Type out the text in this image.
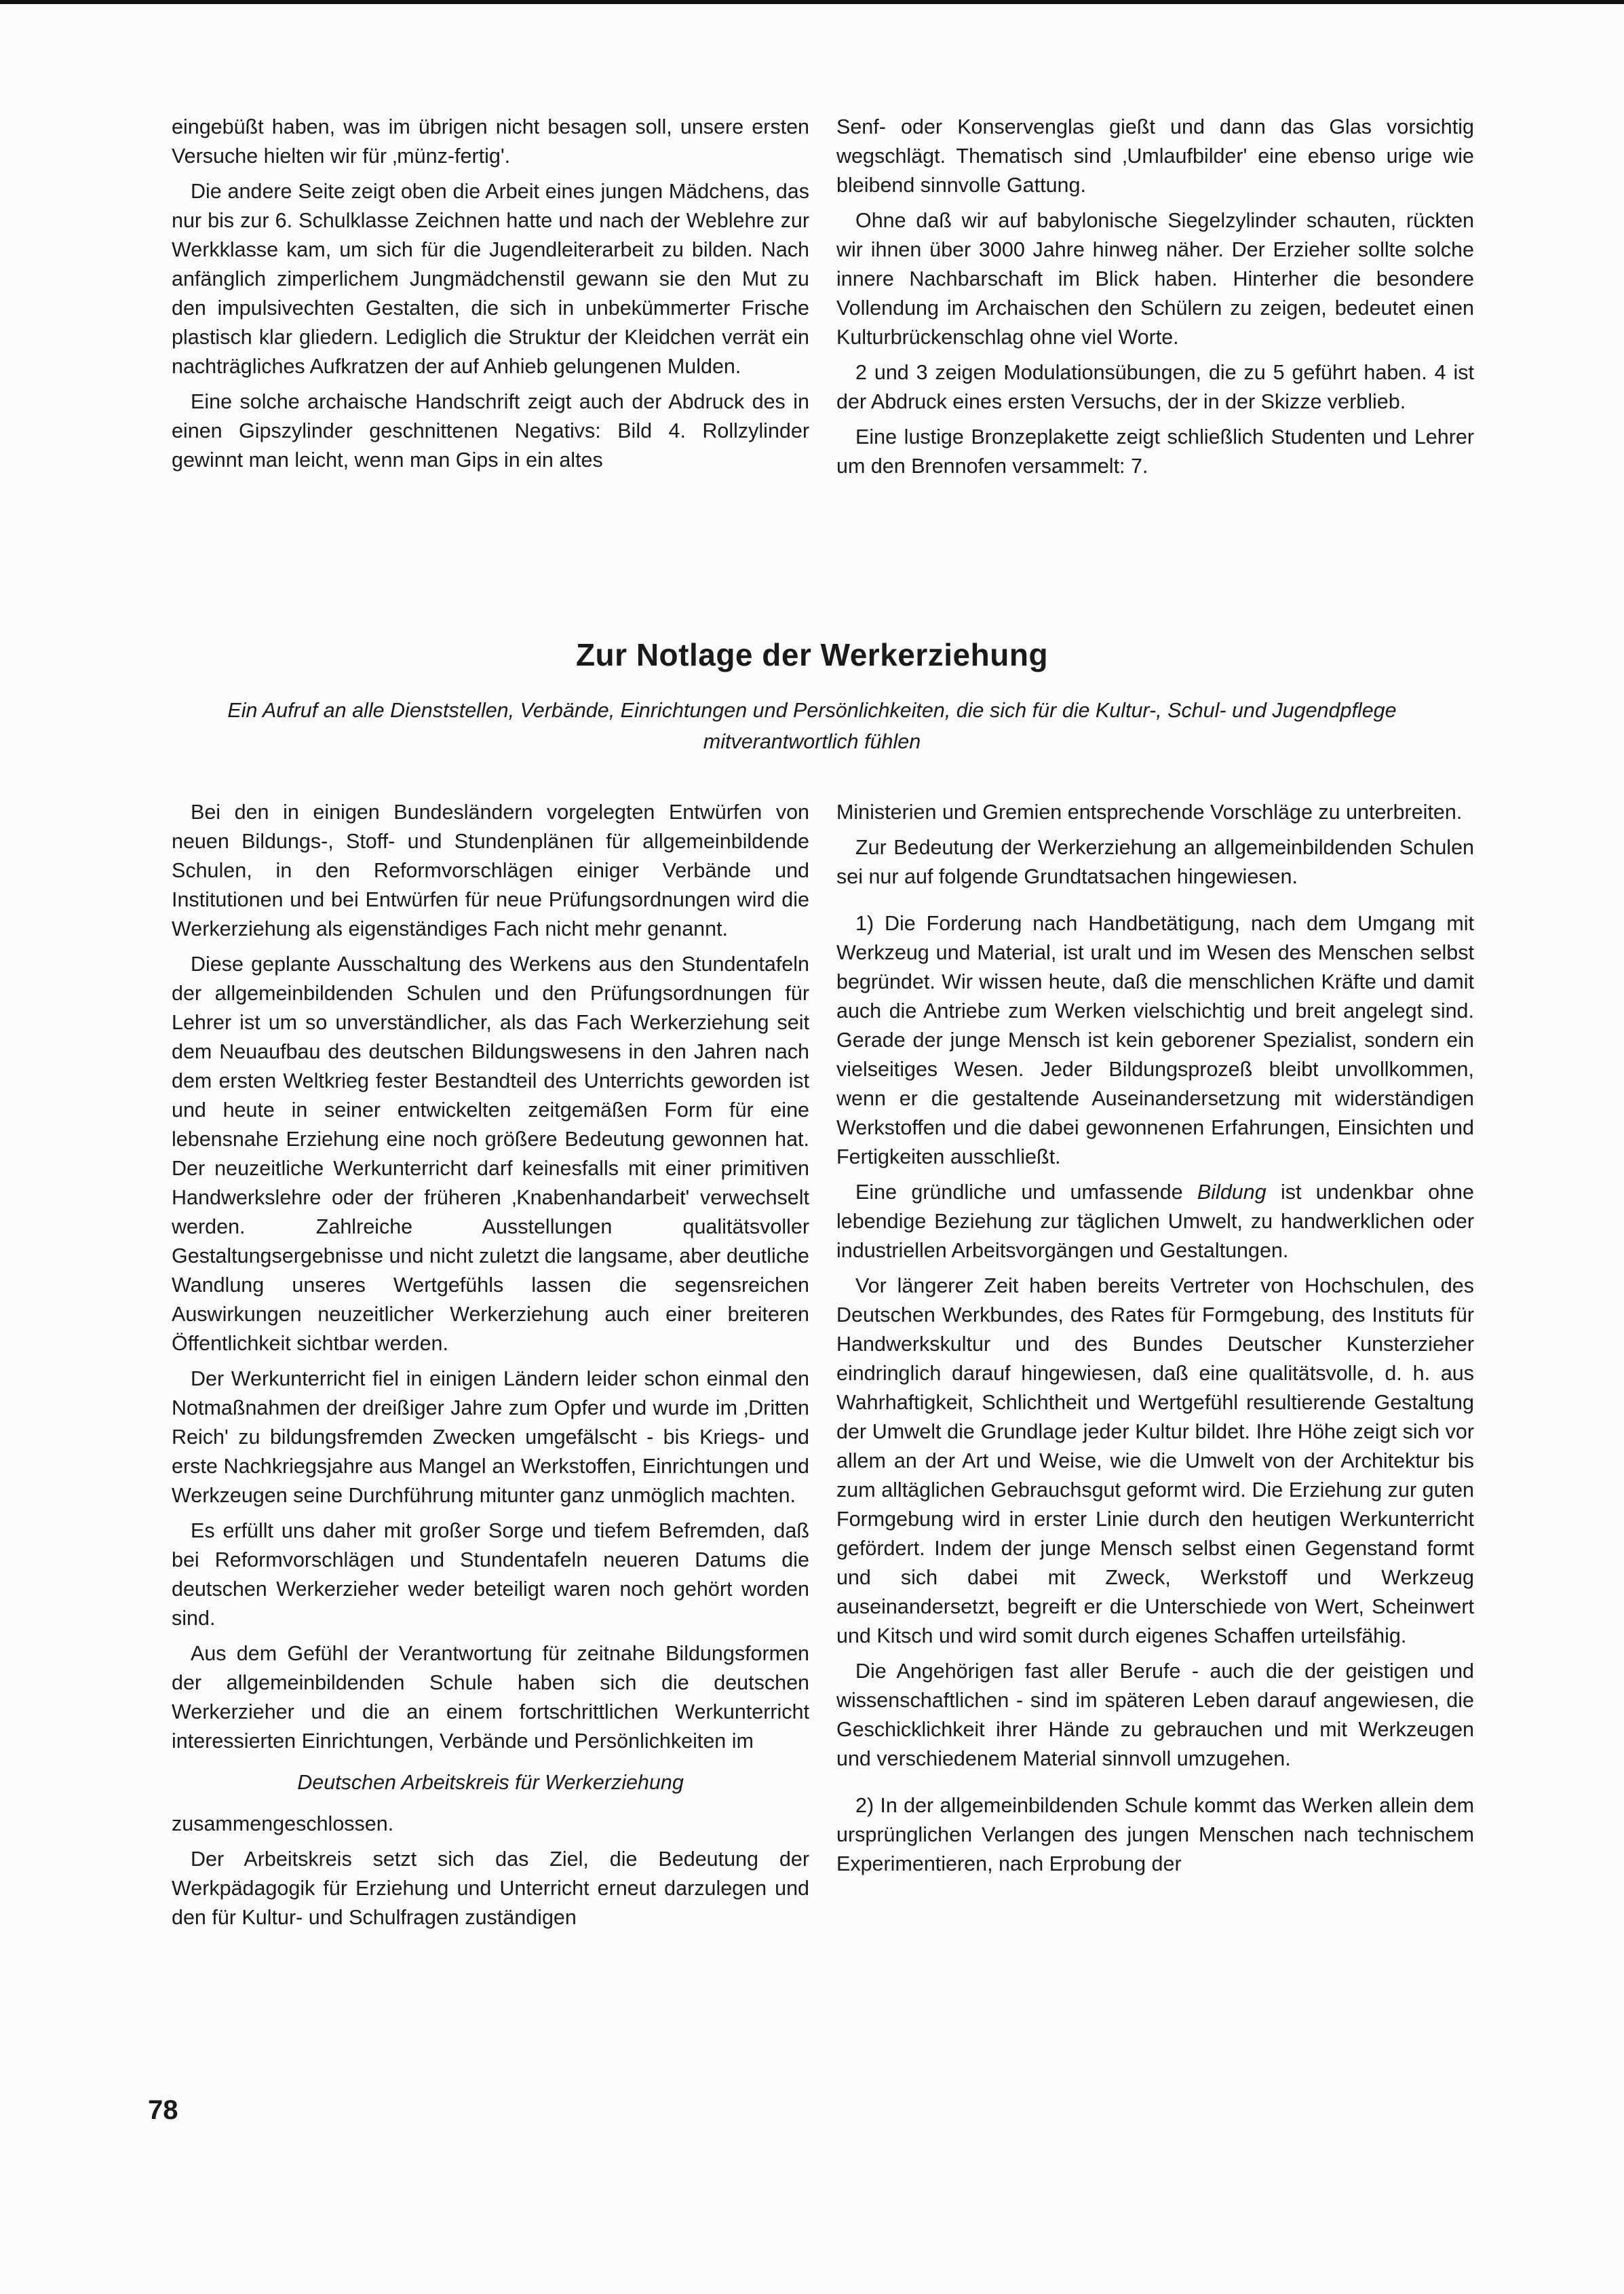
eingebüßt haben, was im übrigen nicht besagen soll, unsere ersten Versuche hielten wir für ‚münz-fertig'.

Die andere Seite zeigt oben die Arbeit eines jungen Mädchens, das nur bis zur 6. Schulklasse Zeichnen hatte und nach der Weblehre zur Werkklasse kam, um sich für die Jugendleiterarbeit zu bilden. Nach anfänglich zimperlichem Jungmädchenstil gewann sie den Mut zu den impulsivechten Gestalten, die sich in unbekümmerter Frische plastisch klar gliedern. Lediglich die Struktur der Kleidchen verrät ein nachträgliches Aufkratzen der auf Anhieb gelungenen Mulden.

Eine solche archaische Handschrift zeigt auch der Abdruck des in einen Gipszylinder geschnittenen Negativs: Bild 4. Rollzylinder gewinnt man leicht, wenn man Gips in ein altes

Senf- oder Konservenglas gießt und dann das Glas vorsichtig wegschlägt. Thematisch sind ‚Umlaufbilder' eine ebenso urige wie bleibend sinnvolle Gattung.

Ohne daß wir auf babylonische Siegelzylinder schauten, rückten wir ihnen über 3000 Jahre hinweg näher. Der Erzieher sollte solche innere Nachbarschaft im Blick haben. Hinterher die besondere Vollendung im Archaischen den Schülern zu zeigen, bedeutet einen Kulturbrückenschlag ohne viel Worte.

2 und 3 zeigen Modulationsübungen, die zu 5 geführt haben. 4 ist der Abdruck eines ersten Versuchs, der in der Skizze verblieb.

Eine lustige Bronzeplakette zeigt schließlich Studenten und Lehrer um den Brennofen versammelt: 7.

Zur Notlage der Werkerziehung
Ein Aufruf an alle Dienststellen, Verbände, Einrichtungen und Persönlichkeiten, die sich für die Kultur-, Schul- und Jugendpflege mitverantwortlich fühlen

Bei den in einigen Bundesländern vorgelegten Entwürfen von neuen Bildungs-, Stoff- und Stundenplänen für allgemeinbildende Schulen, in den Reformvorschlägen einiger Verbände und Institutionen und bei Entwürfen für neue Prüfungsordnungen wird die Werkerziehung als eigenständiges Fach nicht mehr genannt.

Diese geplante Ausschaltung des Werkens aus den Stundentafeln der allgemeinbildenden Schulen und den Prüfungsordnungen für Lehrer ist um so unverständlicher, als das Fach Werkerziehung seit dem Neuaufbau des deutschen Bildungswesens in den Jahren nach dem ersten Weltkrieg fester Bestandteil des Unterrichts geworden ist und heute in seiner entwickelten zeitgemäßen Form für eine lebensnahe Erziehung eine noch größere Bedeutung gewonnen hat. Der neuzeitliche Werkunterricht darf keinesfalls mit einer primitiven Handwerkslehre oder der früheren ‚Knabenhandarbeit' verwechselt werden. Zahlreiche Ausstellungen qualitätsvoller Gestaltungsergebnisse und nicht zuletzt die langsame, aber deutliche Wandlung unseres Wertgefühls lassen die segensreichen Auswirkungen neuzeitlicher Werkerziehung auch einer breiteren Öffentlichkeit sichtbar werden.

Der Werkunterricht fiel in einigen Ländern leider schon einmal den Notmaßnahmen der dreißiger Jahre zum Opfer und wurde im ‚Dritten Reich' zu bildungsfremden Zwecken umgefälscht - bis Kriegs- und erste Nachkriegsjahre aus Mangel an Werkstoffen, Einrichtungen und Werkzeugen seine Durchführung mitunter ganz unmöglich machten.

Es erfüllt uns daher mit großer Sorge und tiefem Befremden, daß bei Reformvorschlägen und Stundentafeln neueren Datums die deutschen Werkerzieher weder beteiligt waren noch gehört worden sind.

Aus dem Gefühl der Verantwortung für zeitnahe Bildungsformen der allgemeinbildenden Schule haben sich die deutschen Werkerzieher und die an einem fortschrittlichen Werkunterricht interessierten Einrichtungen, Verbände und Persönlichkeiten im

Deutschen Arbeitskreis für Werkerziehung

zusammengeschlossen.

Der Arbeitskreis setzt sich das Ziel, die Bedeutung der Werkpädagogik für Erziehung und Unterricht erneut darzulegen und den für Kultur- und Schulfragen zuständigen

Ministerien und Gremien entsprechende Vorschläge zu unterbreiten.

Zur Bedeutung der Werkerziehung an allgemeinbildenden Schulen sei nur auf folgende Grundtatsachen hingewiesen.

1) Die Forderung nach Handbetätigung, nach dem Umgang mit Werkzeug und Material, ist uralt und im Wesen des Menschen selbst begründet. Wir wissen heute, daß die menschlichen Kräfte und damit auch die Antriebe zum Werken vielschichtig und breit angelegt sind. Gerade der junge Mensch ist kein geborener Spezialist, sondern ein vielseitiges Wesen. Jeder Bildungsprozeß bleibt unvollkommen, wenn er die gestaltende Auseinandersetzung mit widerständigen Werkstoffen und die dabei gewonnenen Erfahrungen, Einsichten und Fertigkeiten ausschließt.

Eine gründliche und umfassende Bildung ist undenkbar ohne lebendige Beziehung zur täglichen Umwelt, zu handwerklichen oder industriellen Arbeitsvorgängen und Gestaltungen.

Vor längerer Zeit haben bereits Vertreter von Hochschulen, des Deutschen Werkbundes, des Rates für Formgebung, des Instituts für Handwerkskultur und des Bundes Deutscher Kunsterzieher eindringlich darauf hingewiesen, daß eine qualitätsvolle, d. h. aus Wahrhaftigkeit, Schlichtheit und Wertgefühl resultierende Gestaltung der Umwelt die Grundlage jeder Kultur bildet. Ihre Höhe zeigt sich vor allem an der Art und Weise, wie die Umwelt von der Architektur bis zum alltäglichen Gebrauchsgut geformt wird. Die Erziehung zur guten Formgebung wird in erster Linie durch den heutigen Werkunterricht gefördert. Indem der junge Mensch selbst einen Gegenstand formt und sich dabei mit Zweck, Werkstoff und Werkzeug auseinandersetzt, begreift er die Unterschiede von Wert, Scheinwert und Kitsch und wird somit durch eigenes Schaffen urteilsfähig.

Die Angehörigen fast aller Berufe - auch die der geistigen und wissenschaftlichen - sind im späteren Leben darauf angewiesen, die Geschicklichkeit ihrer Hände zu gebrauchen und mit Werkzeugen und verschiedenem Material sinnvoll umzugehen.

2) In der allgemeinbildenden Schule kommt das Werken allein dem ursprünglichen Verlangen des jungen Menschen nach technischem Experimentieren, nach Erprobung der

78
